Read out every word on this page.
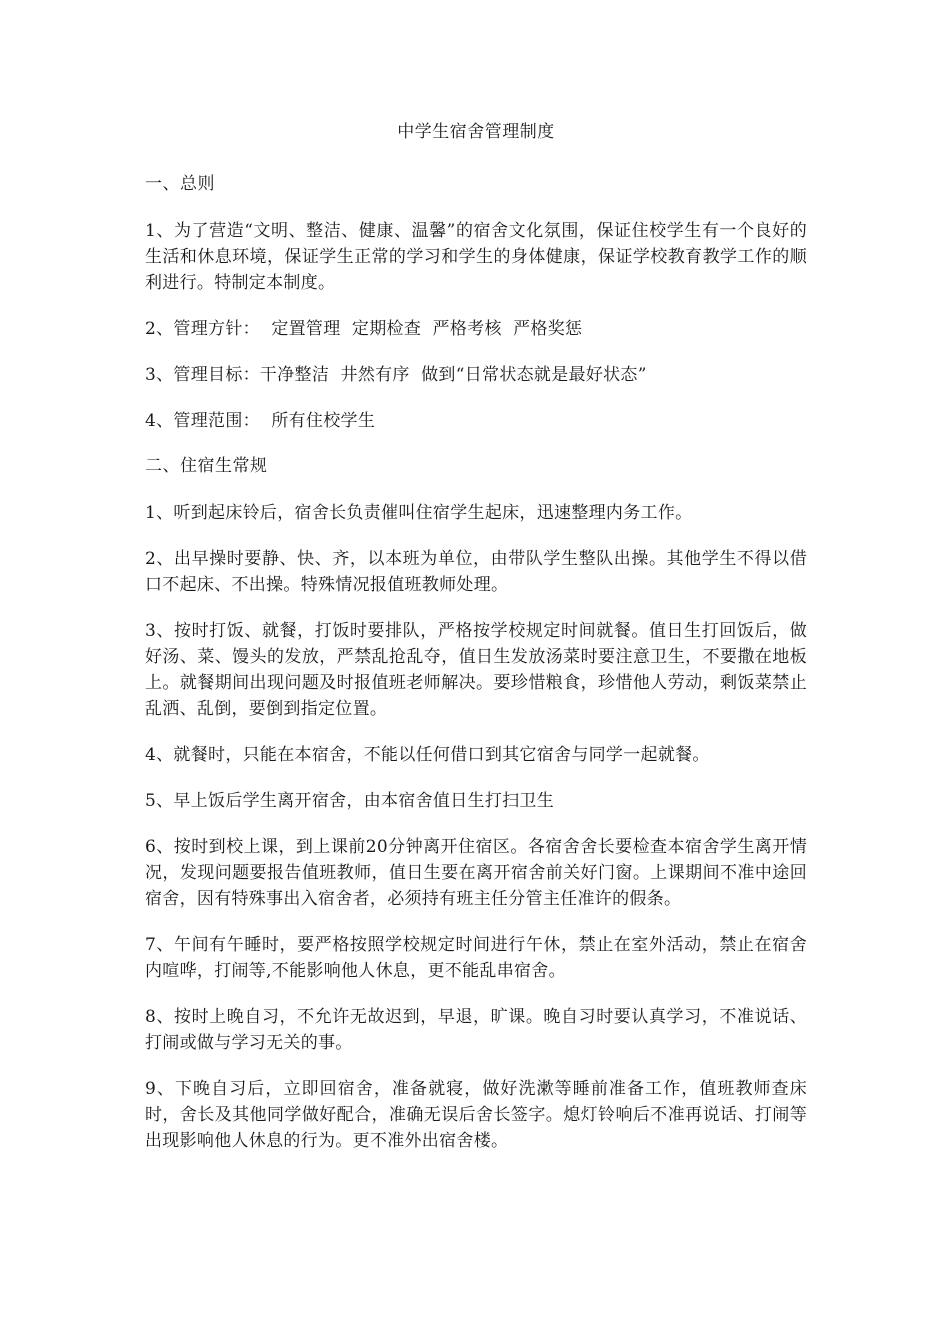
中学生宿舍管理制度
一、总则

1、为了营造“文明、整洁、健康、温馨”的宿舍文化氛围，保证住校学生有一个良好的生活和休息环境，保证学生正常的学习和学生的身体健康，保证学校教育教学工作的顺利进行。特制定本制度。

2、管理方针：  定置管理  定期检查  严格考核  严格奖惩

3、管理目标：干净整洁  井然有序  做到“日常状态就是最好状态”

4、管理范围：  所有住校学生

二、住宿生常规

1、听到起床铃后，宿舍长负责催叫住宿学生起床，迅速整理内务工作。

2、出早操时要静、快、齐，以本班为单位，由带队学生整队出操。其他学生不得以借口不起床、不出操。特殊情况报值班教师处理。

3、按时打饭、就餐，打饭时要排队，严格按学校规定时间就餐。值日生打回饭后，做好汤、菜、馒头的发放，严禁乱抢乱夺，值日生发放汤菜时要注意卫生，不要撒在地板上。就餐期间出现问题及时报值班老师解决。要珍惜粮食，珍惜他人劳动，剩饭菜禁止乱洒、乱倒，要倒到指定位置。

4、就餐时，只能在本宿舍，不能以任何借口到其它宿舍与同学一起就餐。

5、早上饭后学生离开宿舍，由本宿舍值日生打扫卫生

6、按时到校上课，到上课前20分钟离开住宿区。各宿舍舍长要检查本宿舍学生离开情况，发现问题要报告值班教师，值日生要在离开宿舍前关好门窗。上课期间不准中途回宿舍，因有特殊事出入宿舍者，必须持有班主任分管主任准许的假条。

7、午间有午睡时，要严格按照学校规定时间进行午休，禁止在室外活动，禁止在宿舍内喧哗，打闹等,不能影响他人休息，更不能乱串宿舍。

8、按时上晚自习，不允许无故迟到，早退，旷课。晚自习时要认真学习，不准说话、打闹或做与学习无关的事。

9、下晚自习后，立即回宿舍，准备就寝，做好洗漱等睡前准备工作，值班教师查床时，舍长及其他同学做好配合，准确无误后舍长签字。熄灯铃响后不准再说话、打闹等出现影响他人休息的行为。更不准外出宿舍楼。
